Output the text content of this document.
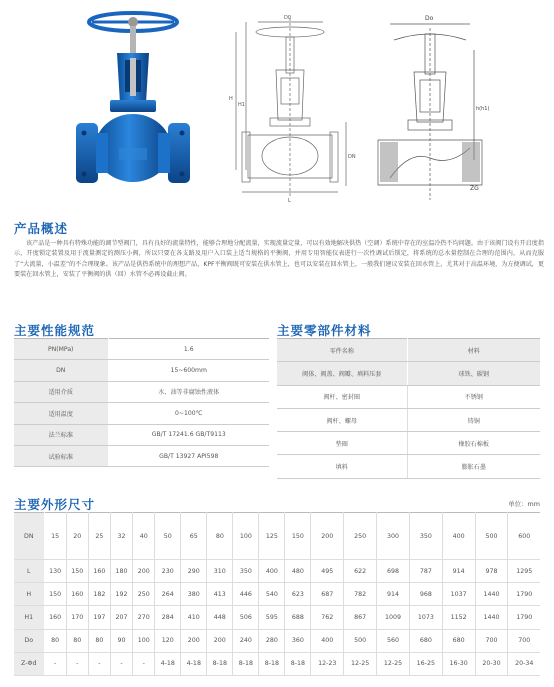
D0
H1
H
L
DN
Do
h(h1)
ZG
产品概述

该产品是一种具有特殊功能的调节型阀门，具有良好的流量特性，能够合理地分配流量，实现流量定量，可以有效地解决供热（空调）系统中存在的室温冷热不均问题。由于该阀门设有开启度指示、开度锁定装置及用于流量测定的测压小阀，所以只要在各支路及用户入口装上适当规格的平衡阀，并用专用智能仪表进行一次性调试后锁定，将系统的总水量控制在合理的范围内，从而克服了“大流量，小温差”的不合理现象。该产品是供热系统中的理想产品，KPF平衡阀既可安装在供水管上，也可以安装在回水管上，一般我们建议安装在回水管上，尤其对于高温环境，为方便调试，更要装在回水管上，安装了平衡阀的供（回）水管不必再设截止阀。

主要性能规范
PN(MPa)	1.6
DN	15~600mm
适用介质	水、油等非腐蚀性液体
适用温度	0~100℃
法兰标准	GB/T 17241.6 GB/T9113
试验标准	GB/T 13927 API598
主要零部件材料
零件名称	材料
阀体、阀盖、阀瓣、填料压套	球铁、碳钢
阀杆、密封圈	不锈钢
阀杆、螺母	铸铜
垫圈	橡胶石棉板
填料	膨胀石墨
主要外形尺寸	单位：mm
DN	15	20	25	32	40	50	65	80	100	125	150	200	250	300	350	400	500	600
L	130	150	160	180	200	230	290	310	350	400	480	495	622	698	787	914	978	1295
H	150	160	182	192	250	264	380	413	446	540	623	687	782	914	968	1037	1440	1790
H1	160	170	197	207	270	284	410	448	506	595	688	762	867	1009	1073	1152	1440	1790
Do	80	80	80	90	100	120	200	200	240	280	360	400	500	560	680	680	700	700
Z-Φd	-	-	-	-	-	4-18	4-18	8-18	8-18	8-18	8-18	12-23	12-25	12-25	16-25	16-30	20-30	20-34
